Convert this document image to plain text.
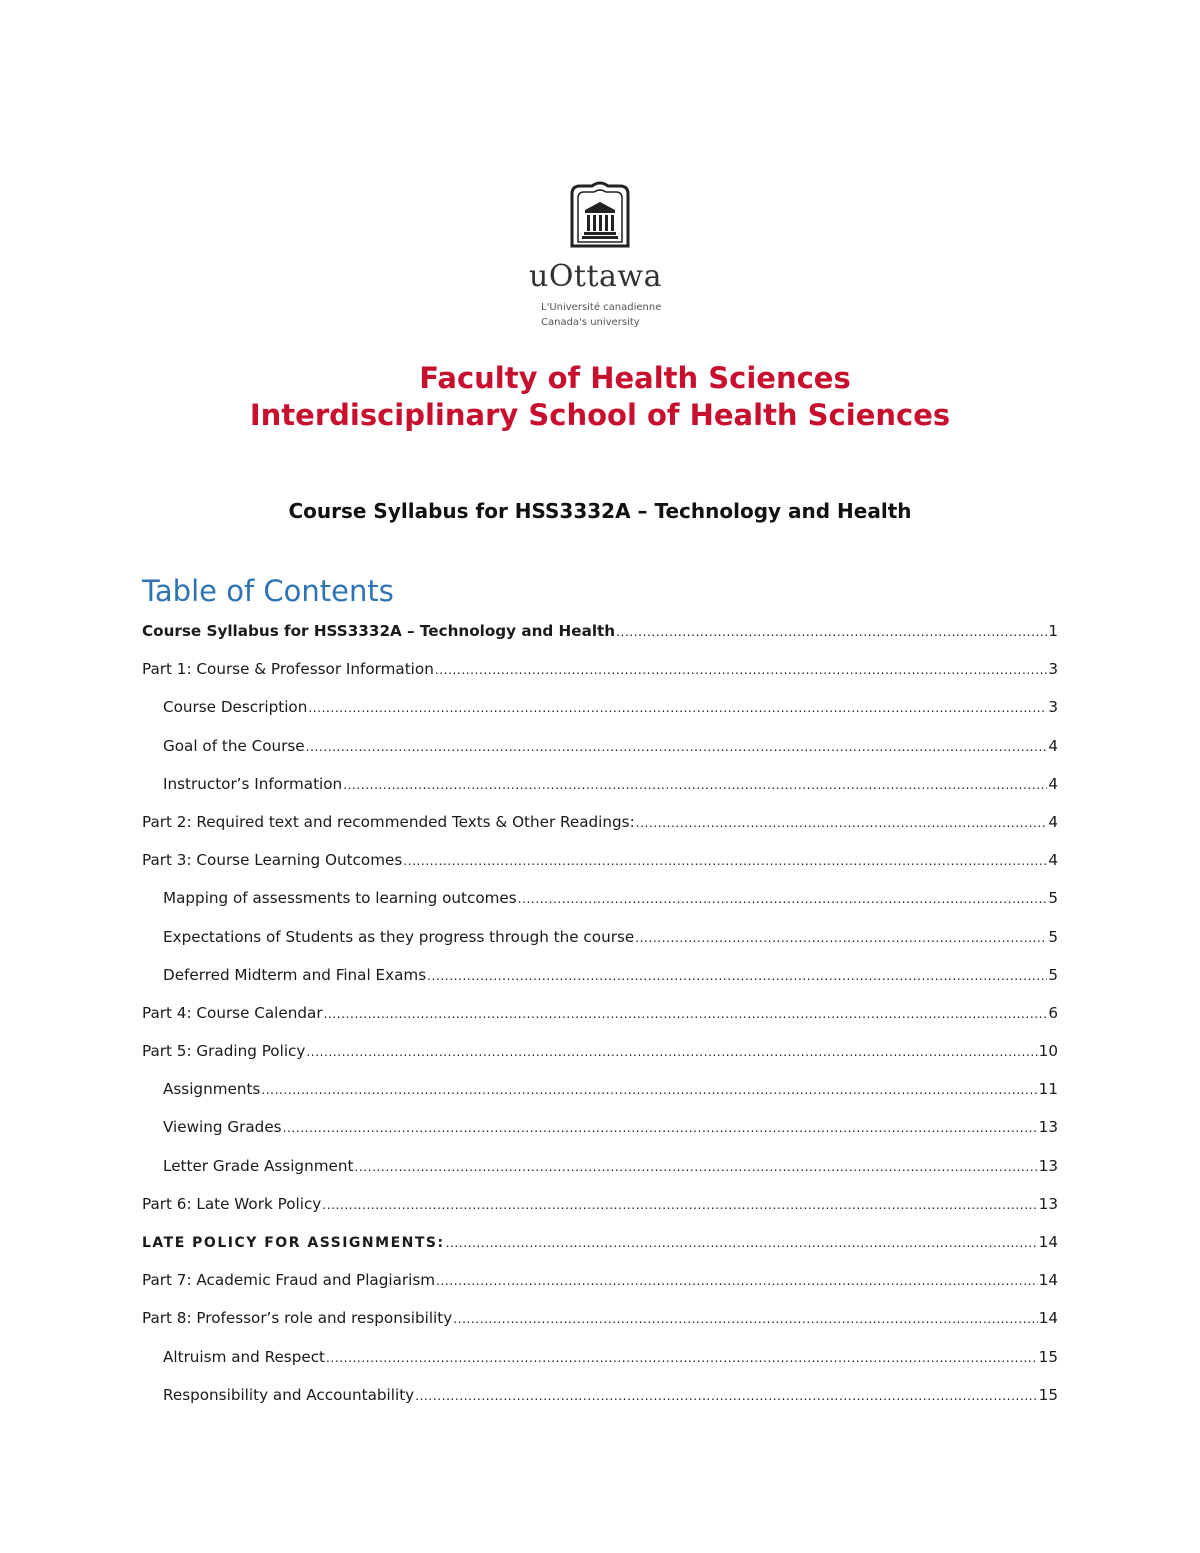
uOttawa
L'Université canadienne
Canada's university
Faculty of Health Sciences
Interdisciplinary School of Health Sciences
Course Syllabus for HSS3332A – Technology and Health
Table of Contents
Course Syllabus for HSS3332A – Technology and Health .....	1
Part 1: Course & Professor Information .....	3
Course Description .....	3
Goal of the Course .....	4
Instructor’s Information .....	4
Part 2: Required text and recommended Texts & Other Readings: .....	4
Part 3: Course Learning Outcomes .....	4
Mapping of assessments to learning outcomes .....	5
Expectations of Students as they progress through the course .....	5
Deferred Midterm and Final Exams .....	5
Part 4: Course Calendar .....	6
Part 5: Grading Policy .....	10
Assignments .....	11
Viewing Grades .....	13
Letter Grade Assignment .....	13
Part 6: Late Work Policy .....	13
LATE POLICY FOR ASSIGNMENTS: .....	14
Part 7: Academic Fraud and Plagiarism .....	14
Part 8: Professor’s role and responsibility .....	14
Altruism and Respect .....	15
Responsibility and Accountability .....	15
